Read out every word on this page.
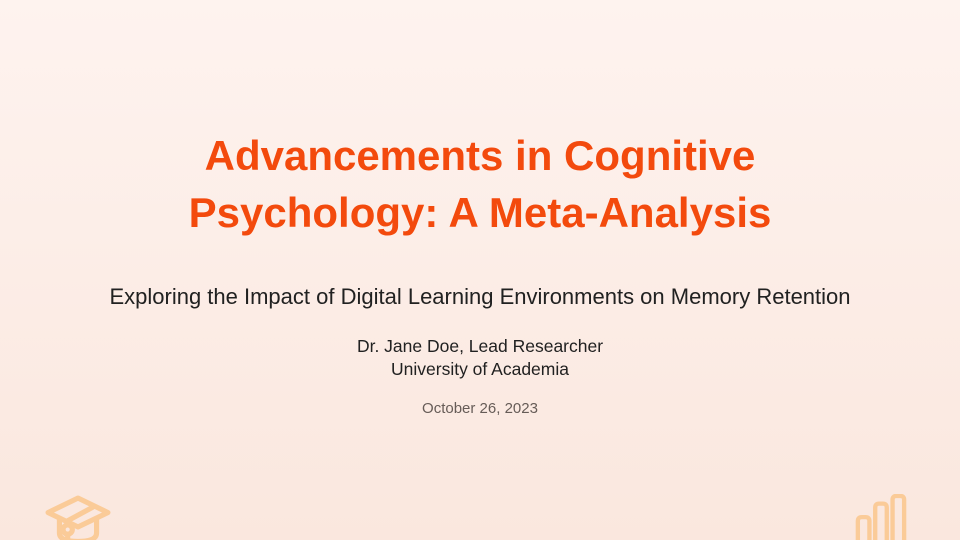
Advancements in Cognitive Psychology: A Meta-Analysis

Exploring the Impact of Digital Learning Environments on Memory Retention

Dr. Jane Doe, Lead Researcher

University of Academia

October 26, 2023
